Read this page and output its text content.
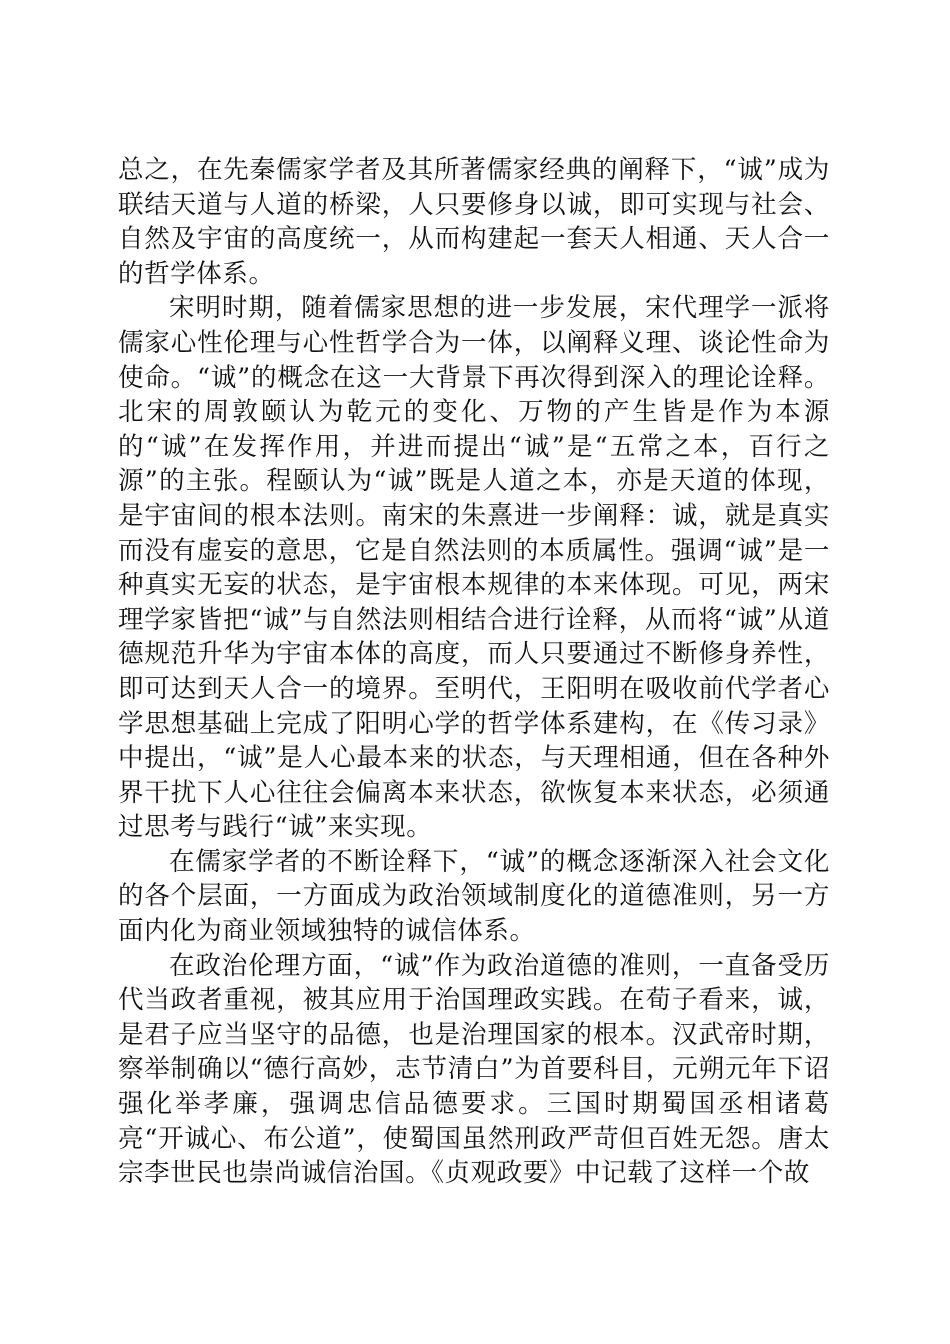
总之，在先秦儒家学者及其所著儒家经典的阐释下，“诚”成为联结天道与人道的桥梁，人只要修身以诚，即可实现与社会、自然及宇宙的高度统一，从而构建起一套天人相通、天人合一的哲学体系。

宋明时期，随着儒家思想的进一步发展，宋代理学一派将儒家心性伦理与心性哲学合为一体，以阐释义理、谈论性命为使命。“诚”的概念在这一大背景下再次得到深入的理论诠释。北宋的周敦颐认为乾元的变化、万物的产生皆是作为本源的“诚”在发挥作用，并进而提出“诚”是“五常之本，百行之源”的主张。程颐认为“诚”既是人道之本，亦是天道的体现，是宇宙间的根本法则。南宋的朱熹进一步阐释：诚，就是真实而没有虚妄的意思，它是自然法则的本质属性。强调“诚”是一种真实无妄的状态，是宇宙根本规律的本来体现。可见，两宋理学家皆把“诚”与自然法则相结合进行诠释，从而将“诚”从道德规范升华为宇宙本体的高度，而人只要通过不断修身养性，即可达到天人合一的境界。至明代，王阳明在吸收前代学者心学思想基础上完成了阳明心学的哲学体系建构，在《传习录》中提出，“诚”是人心最本来的状态，与天理相通，但在各种外界干扰下人心往往会偏离本来状态，欲恢复本来状态，必须通过思考与践行“诚”来实现。

在儒家学者的不断诠释下，“诚”的概念逐渐深入社会文化的各个层面，一方面成为政治领域制度化的道德准则，另一方面内化为商业领域独特的诚信体系。

在政治伦理方面，“诚”作为政治道德的准则，一直备受历代当政者重视，被其应用于治国理政实践。在荀子看来，诚，是君子应当坚守的品德，也是治理国家的根本。汉武帝时期，察举制确以“德行高妙，志节清白”为首要科目，元朔元年下诏强化举孝廉，强调忠信品德要求。三国时期蜀国丞相诸葛亮“开诚心、布公道”，使蜀国虽然刑政严苛但百姓无怨。唐太宗李世民也崇尚诚信治国。《贞观政要》中记载了这样一个故
